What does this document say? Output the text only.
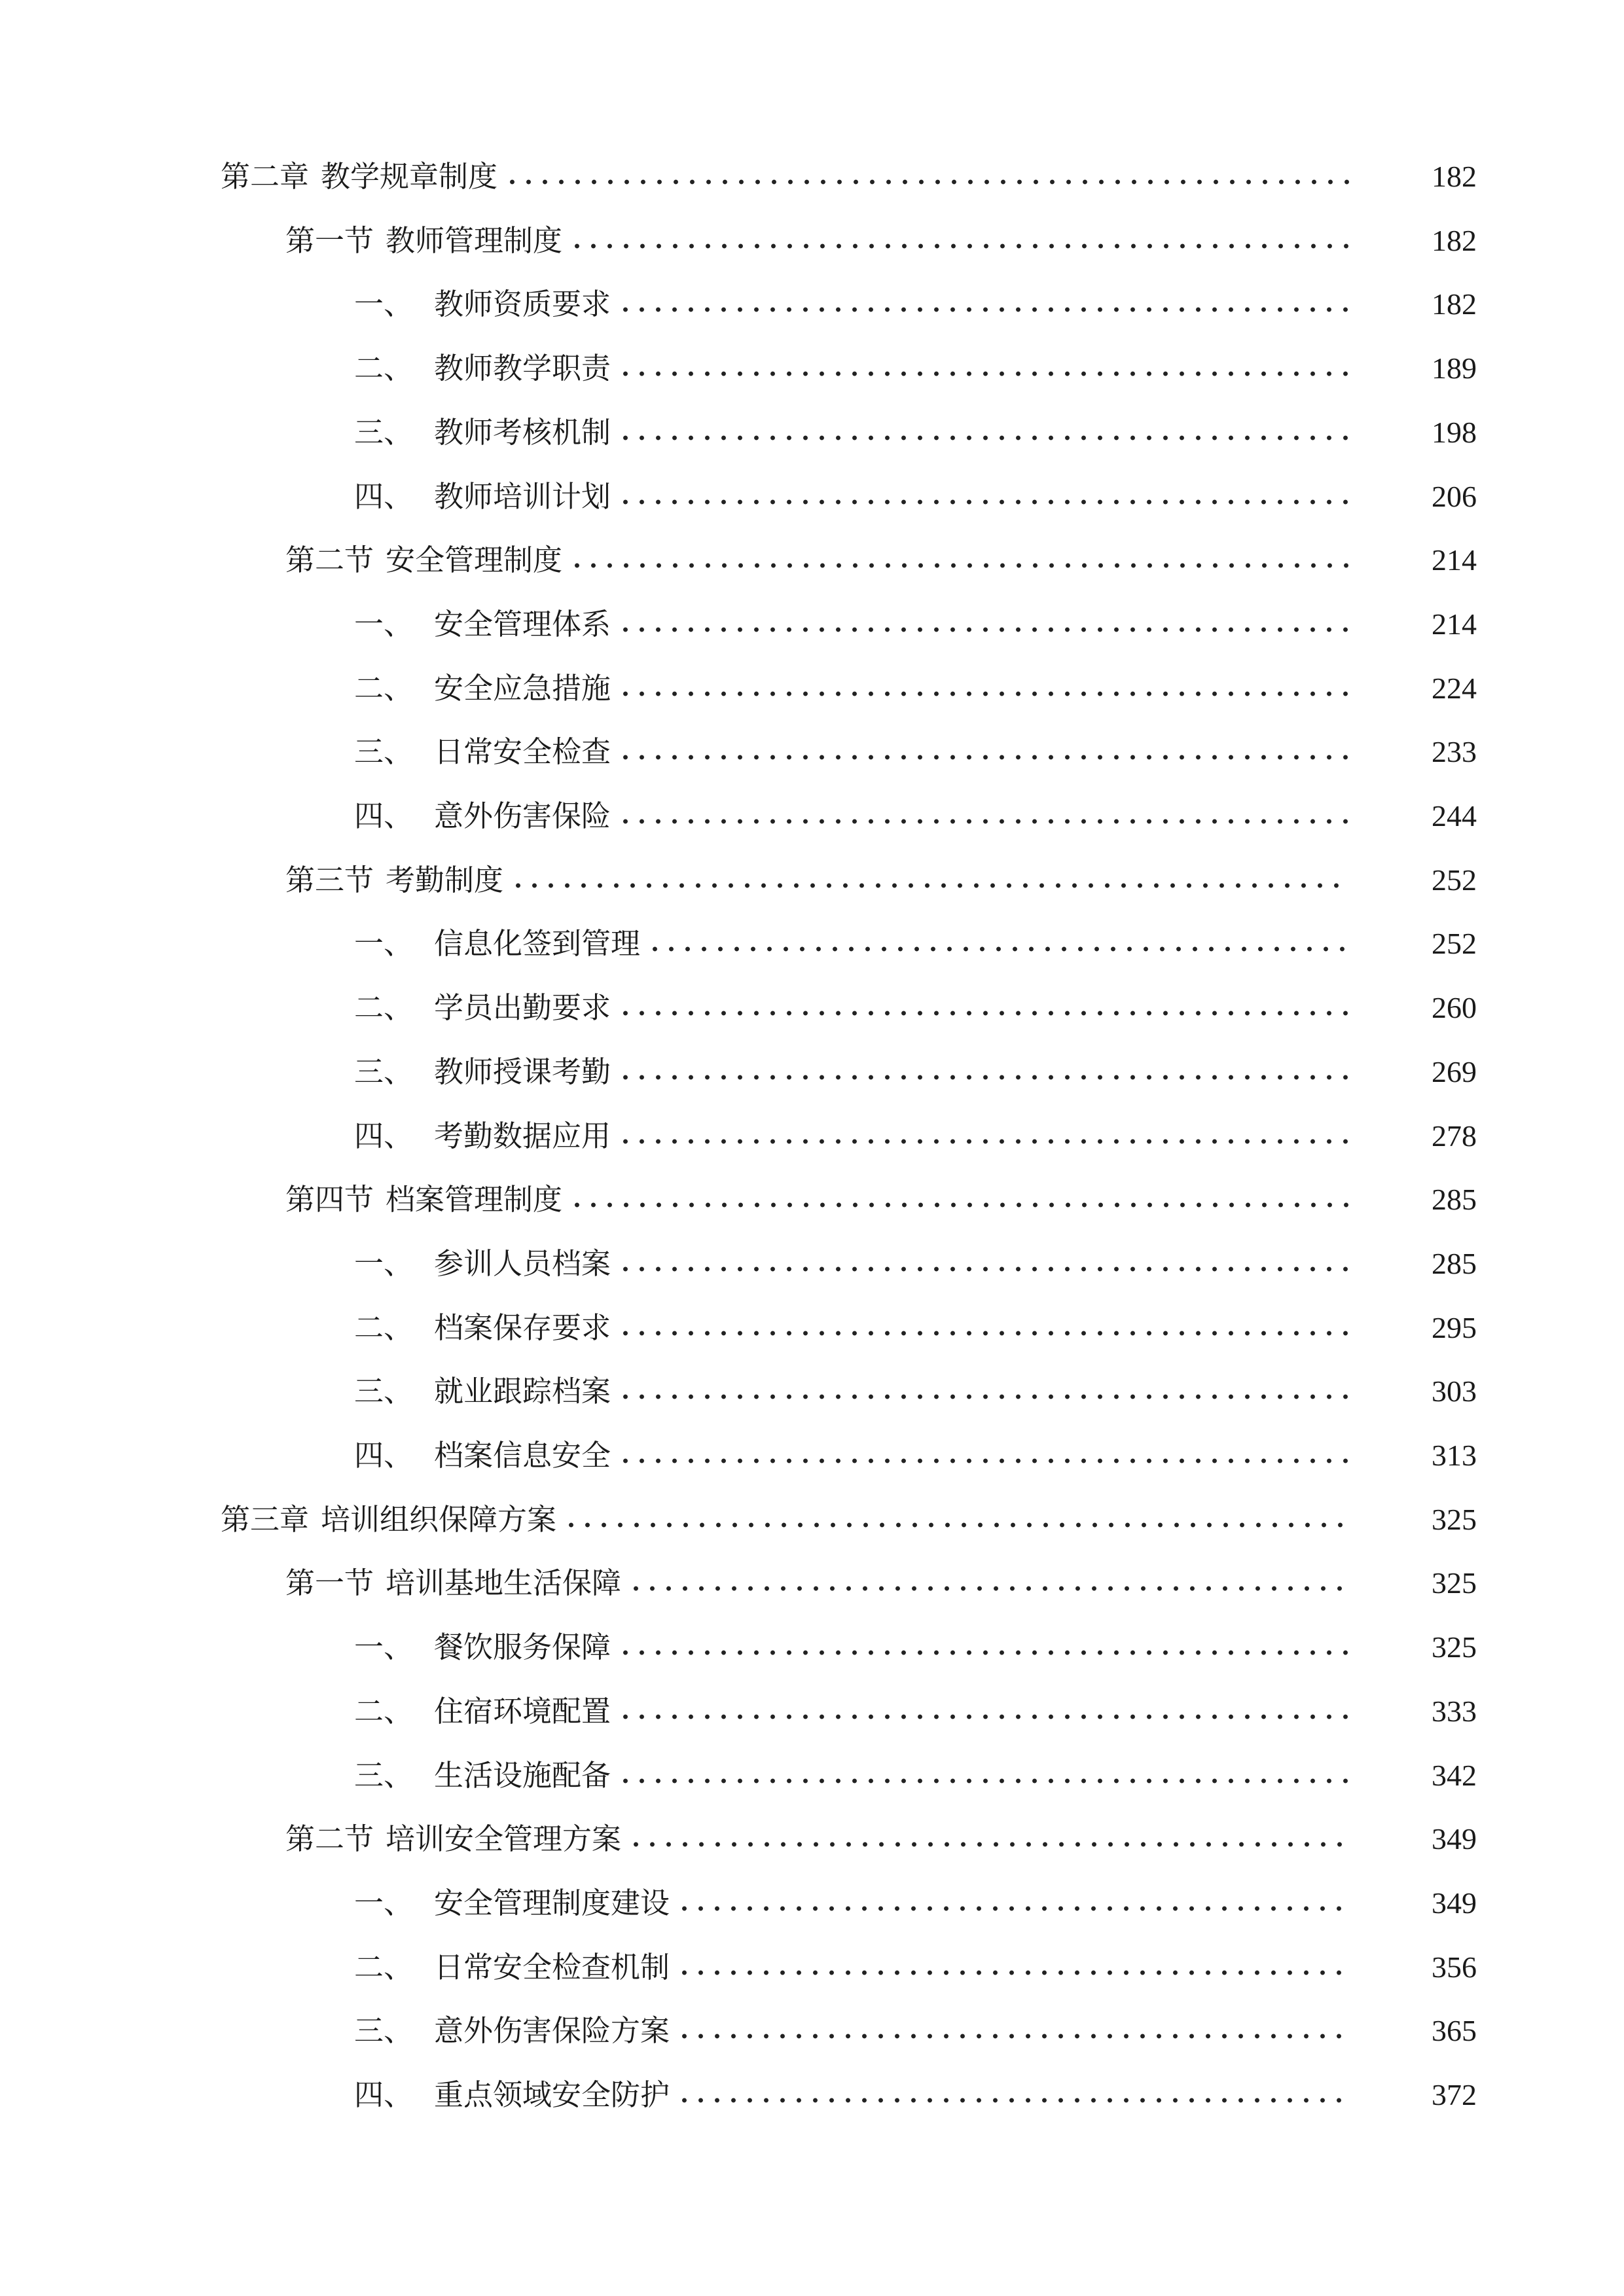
第二章 教学规章制度	182
第一节 教师管理制度	182
一、 教师资质要求	182
二、 教师教学职责	189
三、 教师考核机制	198
四、 教师培训计划	206
第二节 安全管理制度	214
一、 安全管理体系	214
二、 安全应急措施	224
三、 日常安全检查	233
四、 意外伤害保险	244
第三节 考勤制度	252
一、 信息化签到管理	252
二、 学员出勤要求	260
三、 教师授课考勤	269
四、 考勤数据应用	278
第四节 档案管理制度	285
一、 参训人员档案	285
二、 档案保存要求	295
三、 就业跟踪档案	303
四、 档案信息安全	313
第三章 培训组织保障方案	325
第一节 培训基地生活保障	325
一、 餐饮服务保障	325
二、 住宿环境配置	333
三、 生活设施配备	342
第二节 培训安全管理方案	349
一、 安全管理制度建设	349
二、 日常安全检查机制	356
三、 意外伤害保险方案	365
四、 重点领域安全防护	372
